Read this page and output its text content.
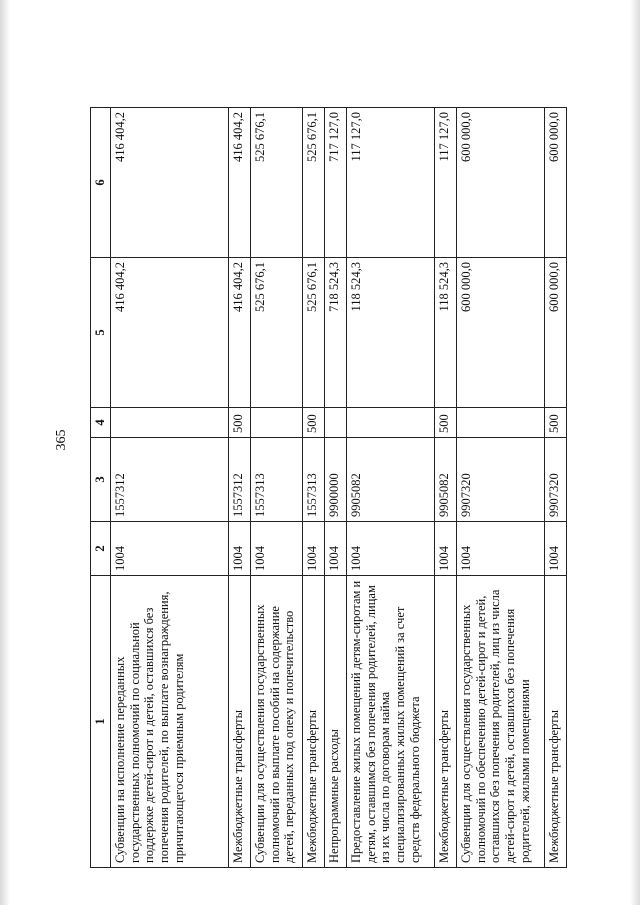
365
1	2	3	4	5	6
Субвенции на исполнение переданных государственных полномочий по социальной поддержке детей-сирот и детей, оставшихся без попечения родителей, по выплате вознаграждения, причитающегося приемным родителям	1004	1557312		416 404,2	416 404,2
Межбюджетные трансферты	1004	1557312	500	416 404,2	416 404,2
Субвенции для осуществления государственных полномочий по выплате пособий на содержание детей, переданных под опеку и попечительство	1004	1557313		525 676,1	525 676,1
Межбюджетные трансферты	1004	1557313	500	525 676,1	525 676,1
Непрограммные расходы	1004	9900000		718 524,3	717 127,0
Предоставление жилых помещений детям-сиротам и детям, оставшимся без попечения родителей, лицам из их числа по договорам найма специализированных жилых помещений за счет средств федерального бюджета	1004	9905082		118 524,3	117 127,0
Межбюджетные трансферты	1004	9905082	500	118 524,3	117 127,0
Субвенции для осуществления государственных полномочий по обеспечению детей-сирот и детей, оставшихся без попечения родителей, лиц из числа детей-сирот и детей, оставшихся без попечения родителей, жилыми помещениями	1004	9907320		600 000,0	600 000,0
Межбюджетные трансферты	1004	9907320	500	600 000,0	600 000,0
